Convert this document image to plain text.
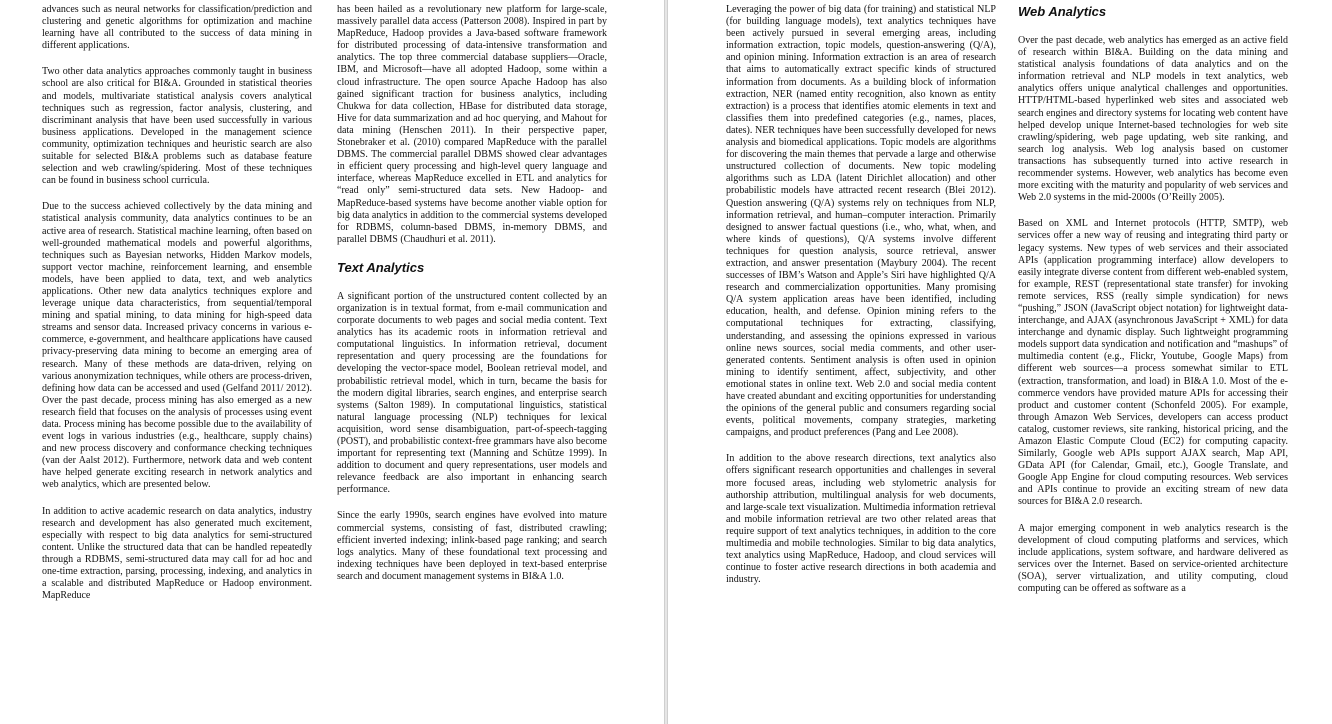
advances such as neural networks for classification/prediction and clustering and genetic algorithms for optimization and machine learning have all contributed to the success of data mining in different applications.

Two other data analytics approaches commonly taught in business school are also critical for BI&A. Grounded in statistical theories and models, multivariate statistical analysis covers analytical techniques such as regression, factor analysis, clustering, and discriminant analysis that have been used successfully in various business applications. Developed in the management science community, optimization techniques and heuristic search are also suitable for selected BI&A problems such as database feature selection and web crawling/spidering. Most of these techniques can be found in business school curricula.

Due to the success achieved collectively by the data mining and statistical analysis community, data analytics continues to be an active area of research. Statistical machine learning, often based on well-grounded mathematical models and powerful algorithms, techniques such as Bayesian networks, Hidden Markov models, support vector machine, reinforcement learning, and ensemble models, have been applied to data, text, and web analytics applications. Other new data analytics techniques explore and leverage unique data characteristics, from sequential/temporal mining and spatial mining, to data mining for high-speed data streams and sensor data. Increased privacy concerns in various e-commerce, e-government, and healthcare applications have caused privacy-preserving data mining to become an emerging area of research. Many of these methods are data-driven, relying on various anonymization techniques, while others are process-driven, defining how data can be accessed and used (Gelfand 2011/ 2012). Over the past decade, process mining has also emerged as a new research field that focuses on the analysis of processes using event data. Process mining has become possible due to the availability of event logs in various industries (e.g., healthcare, supply chains) and new process discovery and conformance checking techniques (van der Aalst 2012). Furthermore, network data and web content have helped generate exciting research in network analytics and web analytics, which are presented below.

In addition to active academic research on data analytics, industry research and development has also generated much excitement, especially with respect to big data analytics for semi-structured content. Unlike the structured data that can be handled repeatedly through a RDBMS, semi-structured data may call for ad hoc and one-time extraction, parsing, processing, indexing, and analytics in a scalable and distributed MapReduce or Hadoop environment. MapReduce

has been hailed as a revolutionary new platform for large-scale, massively parallel data access (Patterson 2008). Inspired in part by MapReduce, Hadoop provides a Java-based software framework for distributed processing of data-intensive transformation and analytics. The top three commercial database suppliers—Oracle, IBM, and Microsoft—have all adopted Hadoop, some within a cloud infrastructure. The open source Apache Hadoop has also gained significant traction for business analytics, including Chukwa for data collection, HBase for distributed data storage, Hive for data summarization and ad hoc querying, and Mahout for data mining (Henschen 2011). In their perspective paper, Stonebraker et al. (2010) compared MapReduce with the parallel DBMS. The commercial parallel DBMS showed clear advantages in efficient query processing and high-level query language and interface, whereas MapReduce excelled in ETL and analytics for “read only” semi-structured data sets. New Hadoop- and MapReduce-based systems have become another viable option for big data analytics in addition to the commercial systems developed for RDBMS, column-based DBMS, in-memory DBMS, and parallel DBMS (Chaudhuri et al. 2011).

Text Analytics

A significant portion of the unstructured content collected by an organization is in textual format, from e-mail communication and corporate documents to web pages and social media content. Text analytics has its academic roots in information retrieval and computational linguistics. In information retrieval, document representation and query processing are the foundations for developing the vector-space model, Boolean retrieval model, and probabilistic retrieval model, which in turn, became the basis for the modern digital libraries, search engines, and enterprise search systems (Salton 1989). In computational linguistics, statistical natural language processing (NLP) techniques for lexical acquisition, word sense disambiguation, part-of-speech-tagging (POST), and probabilistic context-free grammars have also become important for representing text (Manning and Schütze 1999). In addition to document and query representations, user models and relevance feedback are also important in enhancing search performance.

Since the early 1990s, search engines have evolved into mature commercial systems, consisting of fast, distributed crawling; efficient inverted indexing; inlink-based page ranking; and search logs analytics. Many of these foundational text processing and indexing techniques have been deployed in text-based enterprise search and document management systems in BI&A 1.0.

Leveraging the power of big data (for training) and statistical NLP (for building language models), text analytics techniques have been actively pursued in several emerging areas, including information extraction, topic models, question-answering (Q/A), and opinion mining. Information extraction is an area of research that aims to automatically extract specific kinds of structured information from documents. As a building block of information extraction, NER (named entity recognition, also known as entity extraction) is a process that identifies atomic elements in text and classifies them into predefined categories (e.g., names, places, dates). NER techniques have been successfully developed for news analysis and biomedical applications. Topic models are algorithms for discovering the main themes that pervade a large and otherwise unstructured collection of documents. New topic modeling algorithms such as LDA (latent Dirichlet allocation) and other probabilistic models have attracted recent research (Blei 2012). Question answering (Q/A) systems rely on techniques from NLP, information retrieval, and human–computer interaction. Primarily designed to answer factual questions (i.e., who, what, when, and where kinds of questions), Q/A systems involve different techniques for question analysis, source retrieval, answer extraction, and answer presentation (Maybury 2004). The recent successes of IBM’s Watson and Apple’s Siri have highlighted Q/A research and commercialization opportunities. Many promising Q/A system application areas have been identified, including education, health, and defense. Opinion mining refers to the computational techniques for extracting, classifying, understanding, and assessing the opinions expressed in various online news sources, social media comments, and other user-generated contents. Sentiment analysis is often used in opinion mining to identify sentiment, affect, subjectivity, and other emotional states in online text. Web 2.0 and social media content have created abundant and exciting opportunities for understanding the opinions of the general public and consumers regarding social events, political movements, company strategies, marketing campaigns, and product preferences (Pang and Lee 2008).

In addition to the above research directions, text analytics also offers significant research opportunities and challenges in several more focused areas, including web stylometric analysis for authorship attribution, multilingual analysis for web documents, and large-scale text visualization. Multimedia information retrieval and mobile information retrieval are two other related areas that require support of text analytics techniques, in addition to the core multimedia and mobile technologies. Similar to big data analytics, text analytics using MapReduce, Hadoop, and cloud services will continue to foster active research directions in both academia and industry.

Web Analytics

Over the past decade, web analytics has emerged as an active field of research within BI&A. Building on the data mining and statistical analysis foundations of data analytics and on the information retrieval and NLP models in text analytics, web analytics offers unique analytical challenges and opportunities. HTTP/HTML-based hyperlinked web sites and associated web search engines and directory systems for locating web content have helped develop unique Internet-based technologies for web site crawling/spidering, web page updating, web site ranking, and search log analysis. Web log analysis based on customer transactions has subsequently turned into active research in recommender systems. However, web analytics has become even more exciting with the maturity and popularity of web services and Web 2.0 systems in the mid-2000s (O’Reilly 2005).

Based on XML and Internet protocols (HTTP, SMTP), web services offer a new way of reusing and integrating third party or legacy systems. New types of web services and their associated APIs (application programming interface) allow developers to easily integrate diverse content from different web-enabled system, for example, REST (representational state transfer) for invoking remote services, RSS (really simple syndication) for news “pushing,” JSON (JavaScript object notation) for lightweight data-interchange, and AJAX (asynchronous JavaScript + XML) for data interchange and dynamic display. Such lightweight programming models support data syndication and notification and “mashups” of multimedia content (e.g., Flickr, Youtube, Google Maps) from different web sources—a process somewhat similar to ETL (extraction, transformation, and load) in BI&A 1.0. Most of the e-commerce vendors have provided mature APIs for accessing their product and customer content (Schonfeld 2005). For example, through Amazon Web Services, developers can access product catalog, customer reviews, site ranking, historical pricing, and the Amazon Elastic Compute Cloud (EC2) for computing capacity. Similarly, Google web APIs support AJAX search, Map API, GData API (for Calendar, Gmail, etc.), Google Translate, and Google App Engine for cloud computing resources. Web services and APIs continue to provide an exciting stream of new data sources for BI&A 2.0 research.

A major emerging component in web analytics research is the development of cloud computing platforms and services, which include applications, system software, and hardware delivered as services over the Internet. Based on service-oriented architecture (SOA), server virtualization, and utility computing, cloud computing can be offered as software as a
